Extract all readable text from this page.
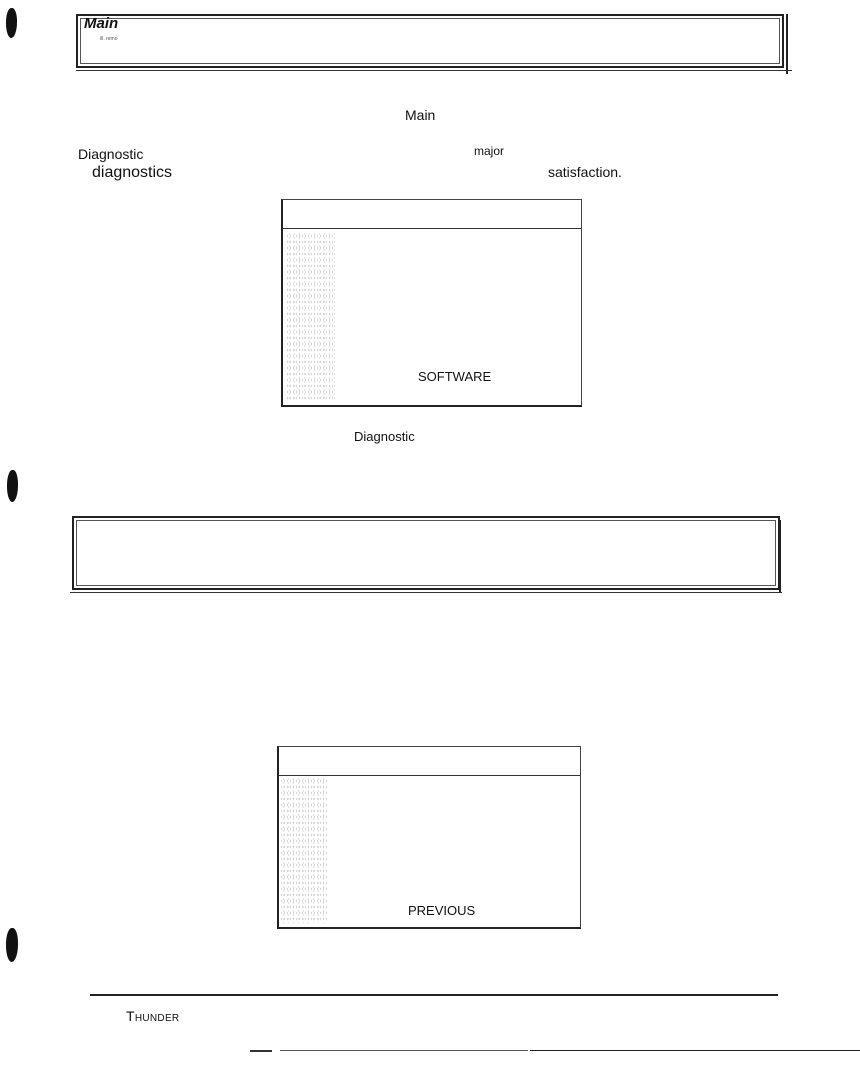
Main
ill. remo
Main
Diagnostic	major
diagnostics	satisfaction.
SOFTWARE
Diagnostic
PREVIOUS
THUNDER
